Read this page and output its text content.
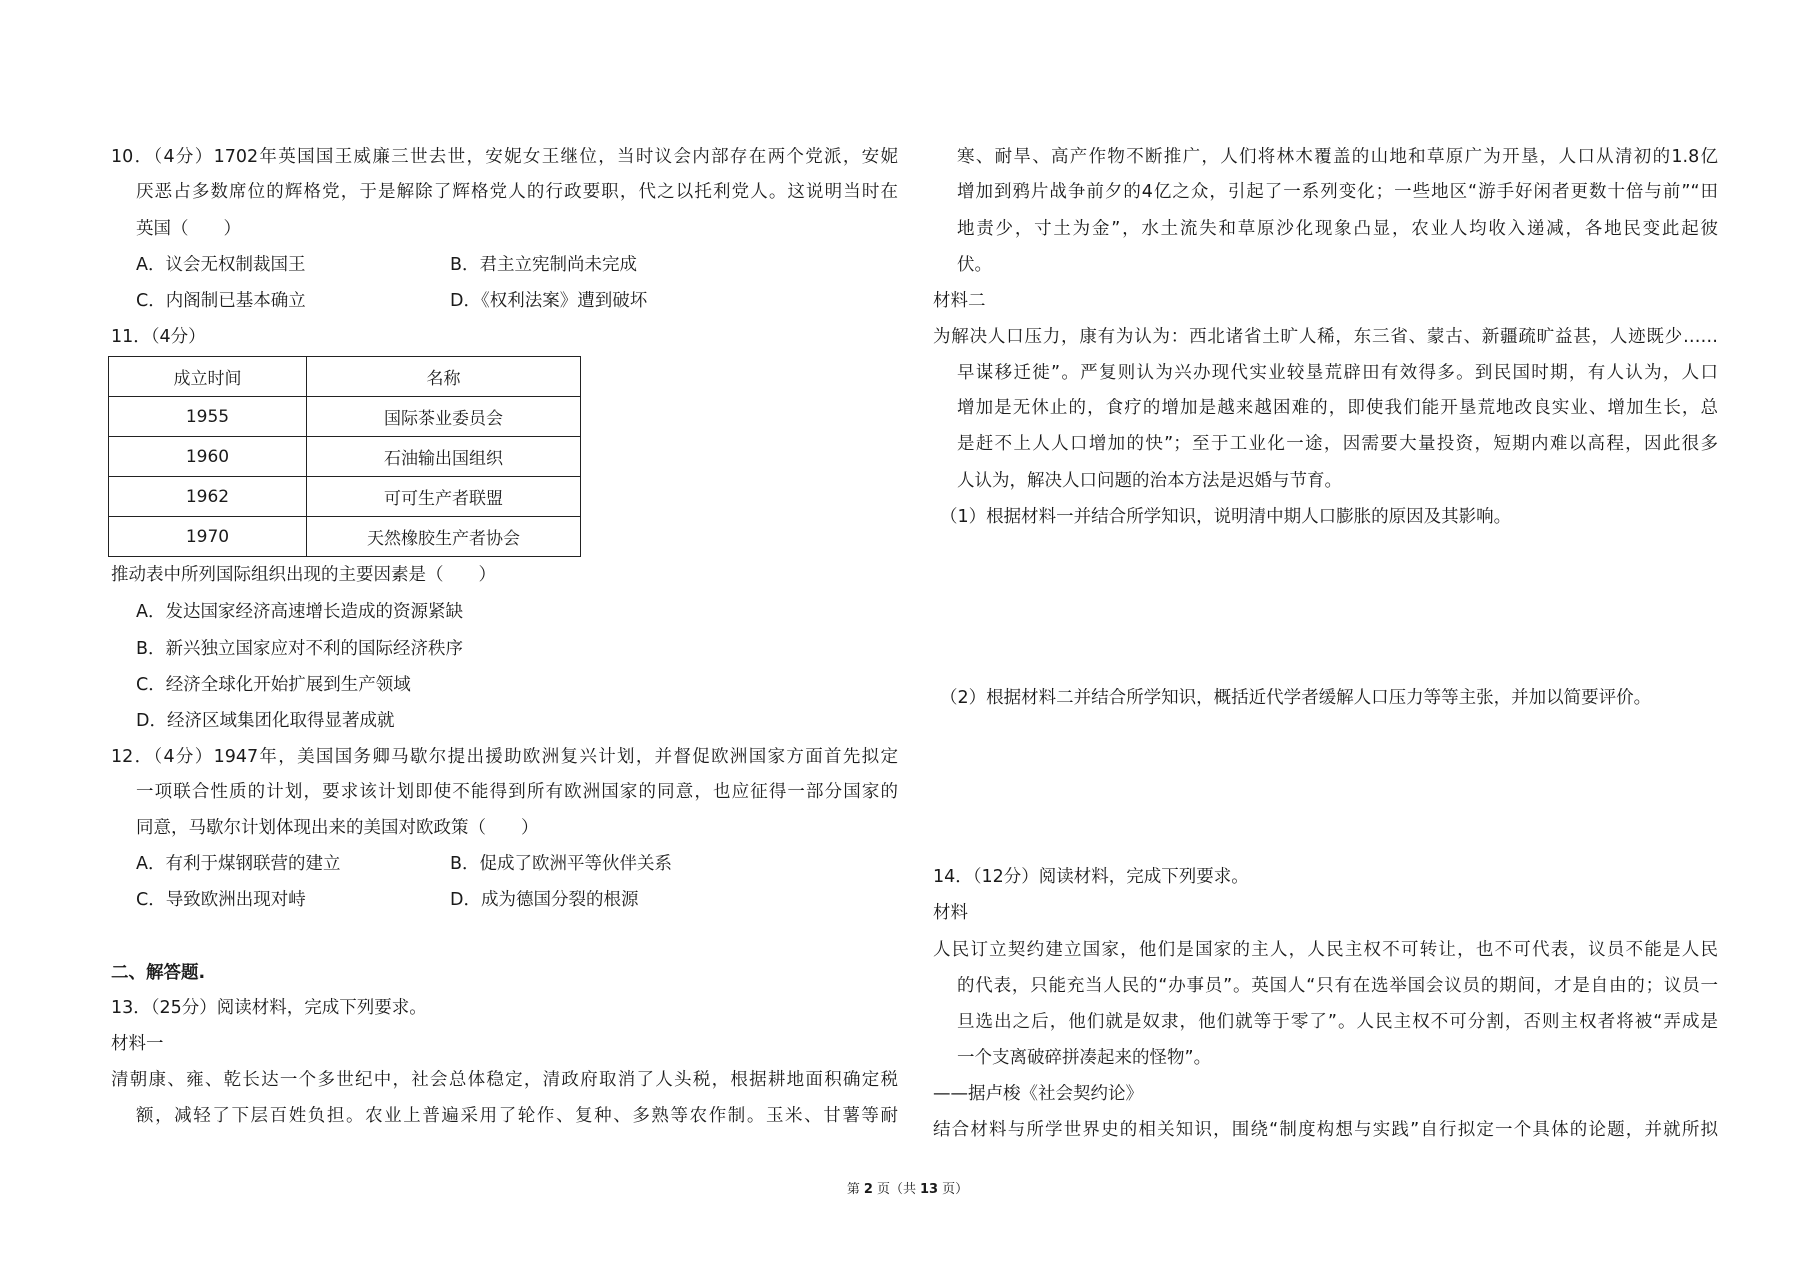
10．（4分）1702年英国国王威廉三世去世，安妮女王继位，当时议会内部存在两个党派，安妮
厌恶占多数席位的辉格党，于是解除了辉格党人的行政要职，代之以托利党人。这说明当时在
英国（　　）
A．议会无权制裁国王	B．君主立宪制尚未完成
C．内阁制已基本确立	D．《权利法案》遭到破坏
11．（4分）
成立时间	名称
1955	国际茶业委员会
1960	石油输出国组织
1962	可可生产者联盟
1970	天然橡胶生产者协会
推动表中所列国际组织出现的主要因素是（　　）
A．发达国家经济高速增长造成的资源紧缺
B．新兴独立国家应对不利的国际经济秩序
C．经济全球化开始扩展到生产领域
D．经济区域集团化取得显著成就
12．（4分）1947年，美国国务卿马歇尔提出援助欧洲复兴计划，并督促欧洲国家方面首先拟定
一项联合性质的计划，要求该计划即使不能得到所有欧洲国家的同意，也应征得一部分国家的
同意，马歇尔计划体现出来的美国对欧政策（　　）
A．有利于煤钢联营的建立	B．促成了欧洲平等伙伴关系
C．导致欧洲出现对峙	D．成为德国分裂的根源
二、解答题.
13．（25分）阅读材料，完成下列要求。
材料一
清朝康、雍、乾长达一个多世纪中，社会总体稳定，清政府取消了人头税，根据耕地面积确定税
额，减轻了下层百姓负担。农业上普遍采用了轮作、复种、多熟等农作制。玉米、甘薯等耐
寒、耐旱、高产作物不断推广，人们将林木覆盖的山地和草原广为开垦，人口从清初的1.8亿
增加到鸦片战争前夕的4亿之众，引起了一系列变化；一些地区“游手好闲者更数十倍与前”“田
地责少，寸土为金”，水土流失和草原沙化现象凸显，农业人均收入递减，各地民变此起彼
伏。
材料二
为解决人口压力，康有为认为：西北诸省土旷人稀，东三省、蒙古、新疆疏旷益甚，人迹既少……
早谋移迁徙”。严复则认为兴办现代实业较垦荒辟田有效得多。到民国时期，有人认为，人口
增加是无休止的，食疗的增加是越来越困难的，即使我们能开垦荒地改良实业、增加生长，总
是赶不上人人口增加的快”；至于工业化一途，因需要大量投资，短期内难以高程，因此很多
人认为，解决人口问题的治本方法是迟婚与节育。
（1）根据材料一并结合所学知识，说明清中期人口膨胀的原因及其影响。
（2）根据材料二并结合所学知识，概括近代学者缓解人口压力等等主张，并加以简要评价。
14．（12分）阅读材料，完成下列要求。
材料
人民订立契约建立国家，他们是国家的主人，人民主权不可转让，也不可代表，议员不能是人民
的代表，只能充当人民的“办事员”。英国人“只有在选举国会议员的期间，才是自由的；议员一
旦选出之后，他们就是奴隶，他们就等于零了”。人民主权不可分割，否则主权者将被“弄成是
一个支离破碎拼凑起来的怪物”。
——据卢梭《社会契约论》
结合材料与所学世界史的相关知识，围绕“制度构想与实践”自行拟定一个具体的论题，并就所拟
第 2 页（共 13 页）
